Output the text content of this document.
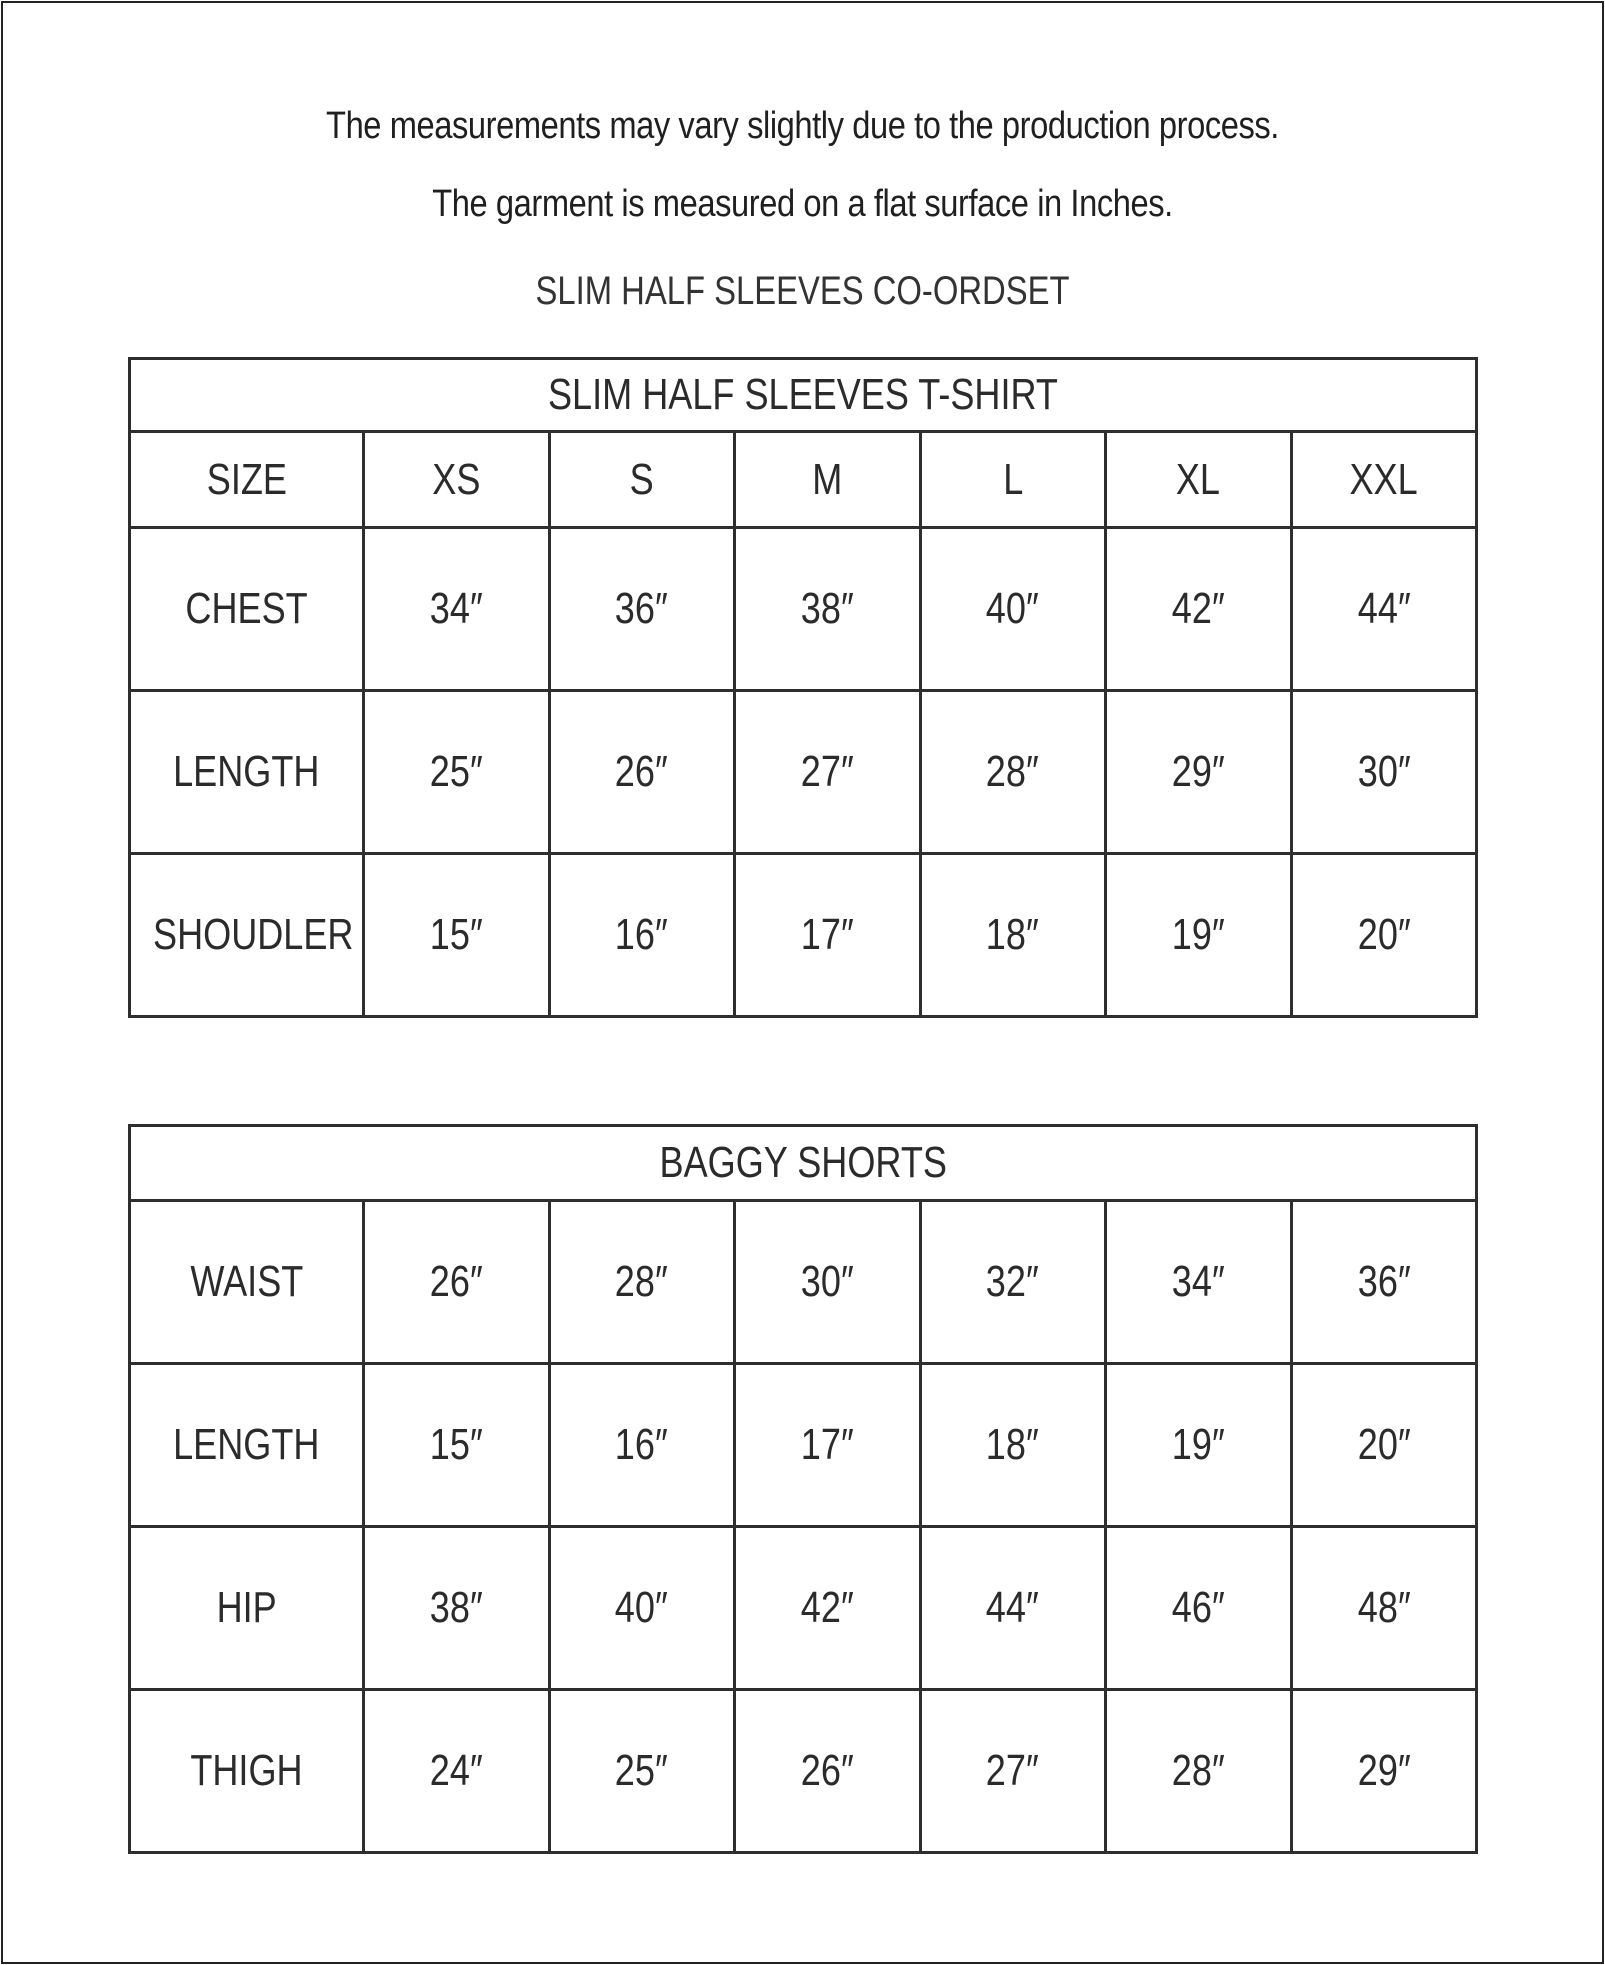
The measurements may vary slightly due to the production process.
The garment is measured on a flat surface in Inches.
SLIM HALF SLEEVES CO-ORDSET
SLIM HALF SLEEVES T-SHIRT						
SIZE	XS	S	M	L	XL	XXL
CHEST	34″	36″	38″	40″	42″	44″
LENGTH	25″	26″	27″	28″	29″	30″
SHOUDLER	15″	16″	17″	18″	19″	20″
BAGGY SHORTS						
WAIST	26″	28″	30″	32″	34″	36″
LENGTH	15″	16″	17″	18″	19″	20″
HIP	38″	40″	42″	44″	46″	48″
THIGH	24″	25″	26″	27″	28″	29″
